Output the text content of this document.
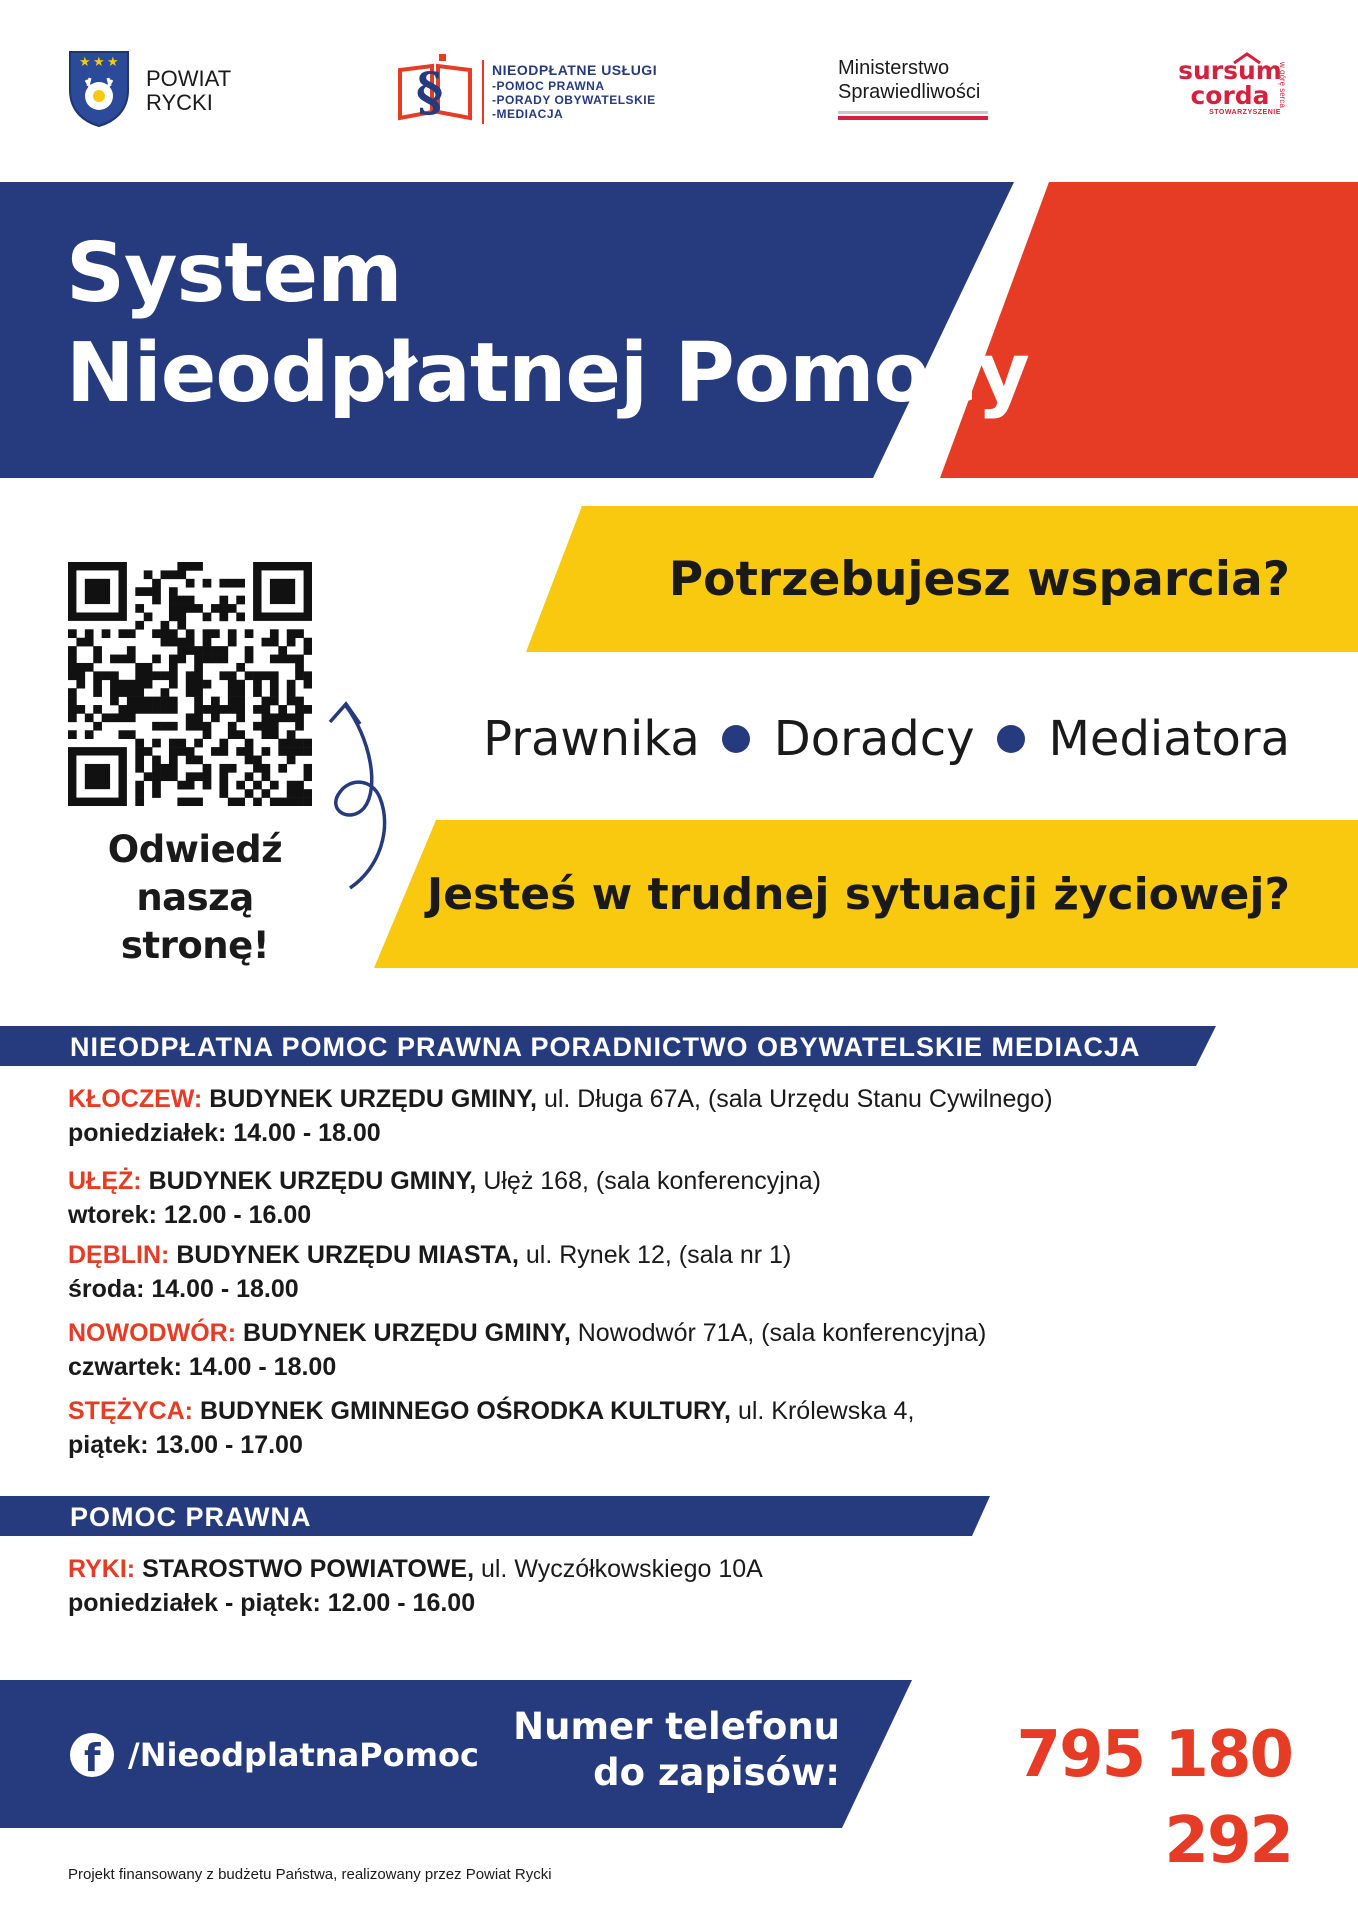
★ ★ ★
POWIAT
RYCKI	§	NIEODPŁATNE USŁUGI
-POMOC PRAWNA
-PORADY OBYWATELSKIE
-MEDIACJA
Ministerstwo
Sprawiedliwości
sursum
corda
STOWARZYSZENIE
w górę serca
System
Nieodpłatnej Pomocy
Odwiedź
naszą stronę!
Potrzebujesz wsparcia?
Prawnika Doradcy Mediatora
Jesteś w trudnej sytuacji życiowej?
NIEODPŁATNA POMOC PRAWNA PORADNICTWO OBYWATELSKIE MEDIACJA
KŁOCZEW: BUDYNEK URZĘDU GMINY, ul. Długa 67A, (sala Urzędu Stanu Cywilnego)
poniedziałek: 14.00 - 18.00
UŁĘŻ: BUDYNEK URZĘDU GMINY, Ułęż 168, (sala konferencyjna)
wtorek: 12.00 - 16.00
DĘBLIN: BUDYNEK URZĘDU MIASTA, ul. Rynek 12, (sala nr 1)
środa: 14.00 - 18.00
NOWODWÓR: BUDYNEK URZĘDU GMINY, Nowodwór 71A, (sala konferencyjna)
czwartek: 14.00 - 18.00
STĘŻYCA: BUDYNEK GMINNEGO OŚRODKA KULTURY, ul. Królewska 4,
piątek: 13.00 - 17.00
POMOC PRAWNA
RYKI: STAROSTWO POWIATOWE, ul. Wyczółkowskiego 10A
poniedziałek - piątek: 12.00 - 16.00
f /NieodplatnaPomoc
Numer telefonu
do zapisów:	795 180 292
Projekt finansowany z budżetu Państwa, realizowany przez Powiat Rycki
